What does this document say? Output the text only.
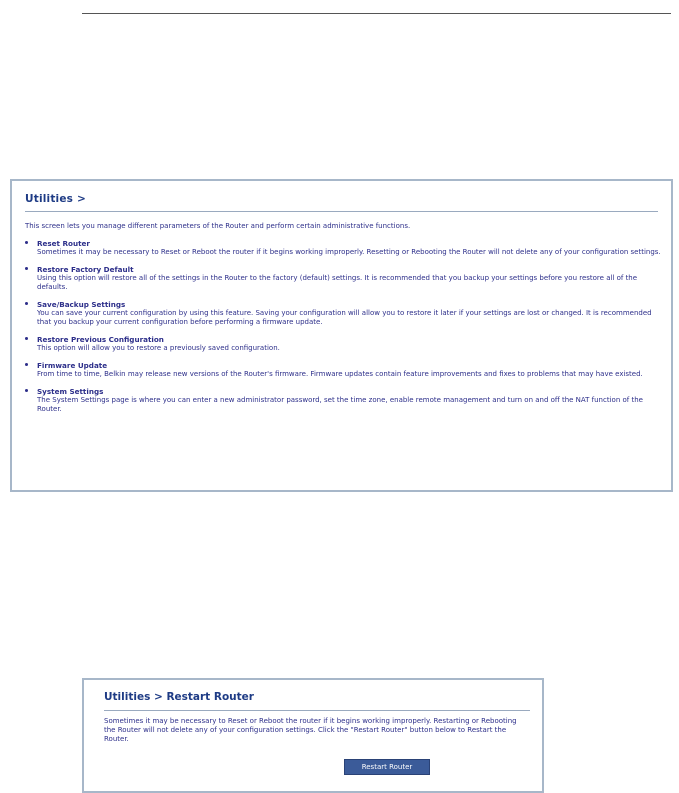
Utilities >
This screen lets you manage different parameters of the Router and perform certain administrative functions.
Reset Router
Sometimes it may be necessary to Reset or Reboot the router if it begins working improperly. Resetting or Rebooting the Router will not delete any of your configuration settings.
Restore Factory Default
Using this option will restore all of the settings in the Router to the factory (default) settings. It is recommended that you backup your settings before you restore all of the defaults.
Save/Backup Settings
You can save your current configuration by using this feature. Saving your configuration will allow you to restore it later if your settings are lost or changed. It is recommended that you backup your current configuration before performing a firmware update.
Restore Previous Configuration
This option will allow you to restore a previously saved configuration.
Firmware Update
From time to time, Belkin may release new versions of the Router's firmware. Firmware updates contain feature improvements and fixes to problems that may have existed.
System Settings
The System Settings page is where you can enter a new administrator password, set the time zone, enable remote management and turn on and off the NAT function of the Router.
Utilities > Restart Router
Sometimes it may be necessary to Reset or Reboot the router if it begins working improperly. Restarting or Rebooting the Router will not delete any of your configuration settings. Click the "Restart Router" button below to Restart the Router.
Restart Router
